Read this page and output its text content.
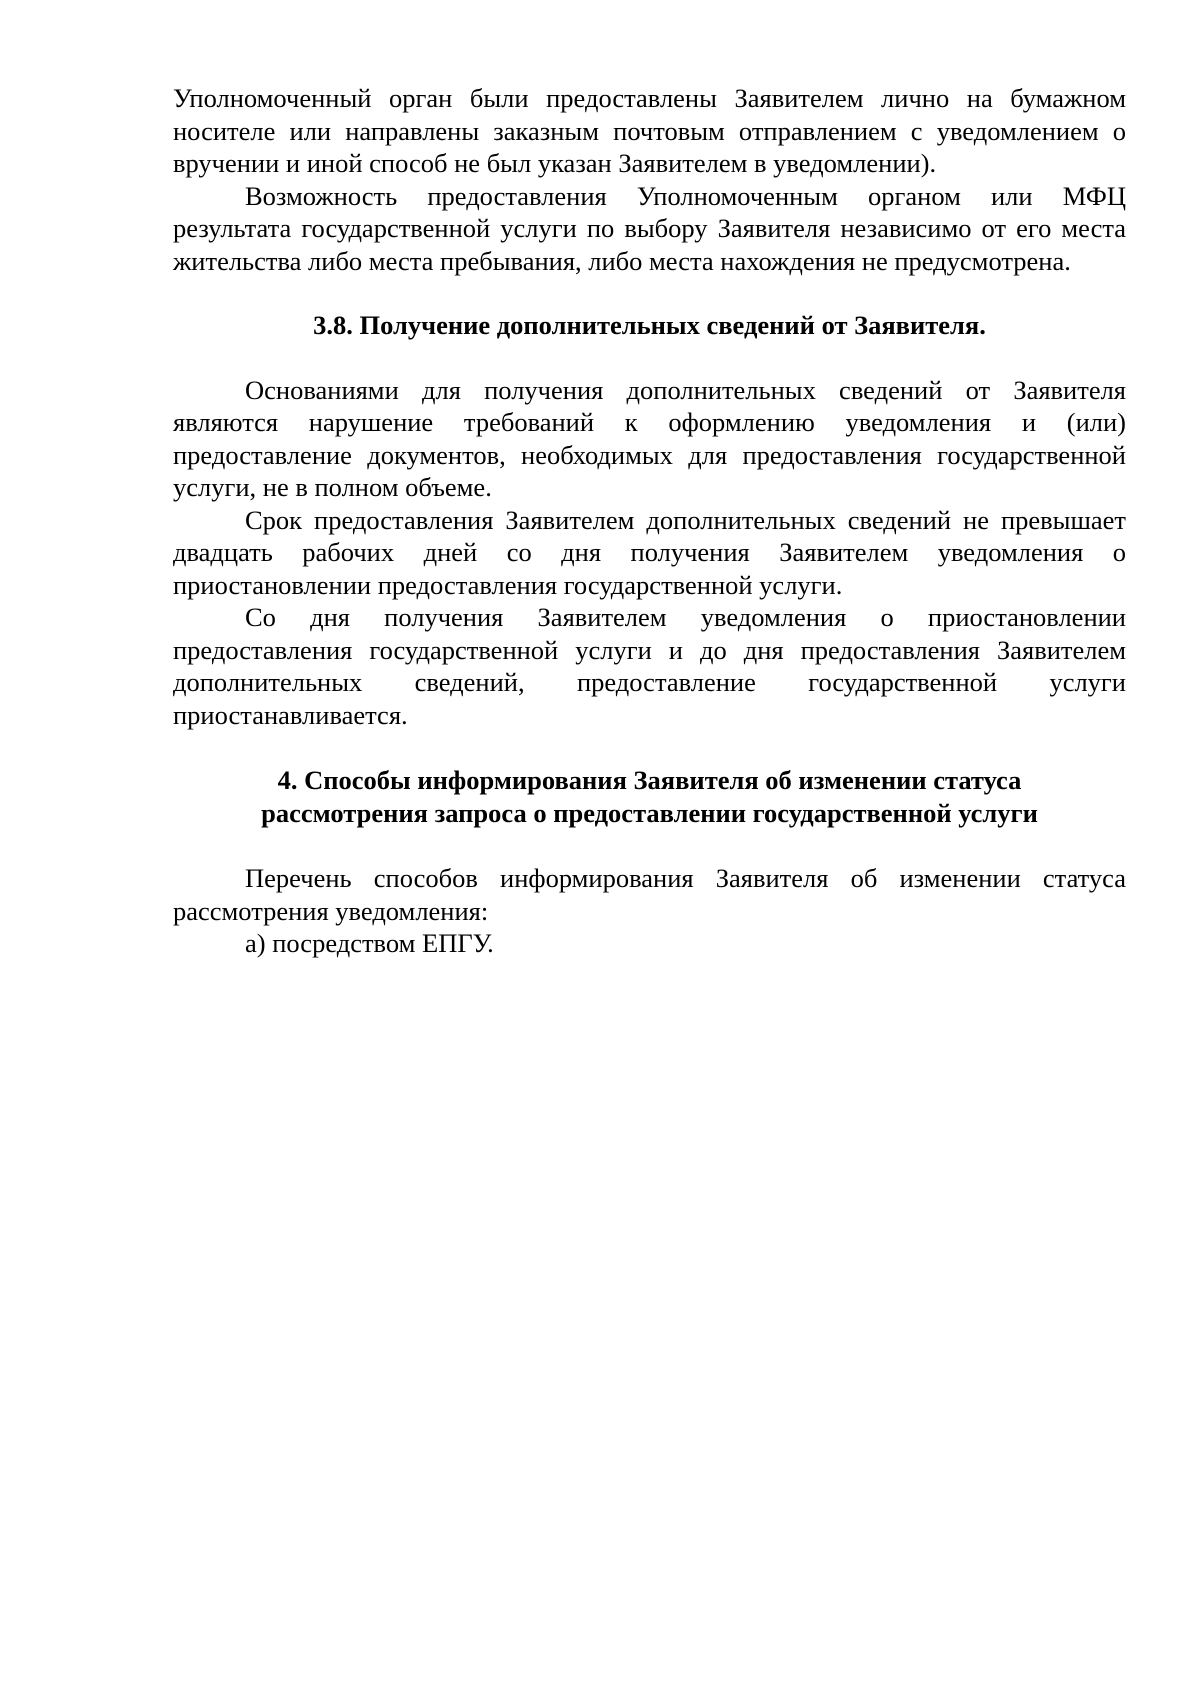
Уполномоченный орган были предоставлены Заявителем лично на бумажном носителе или направлены заказным почтовым отправлением с уведомлением о вручении и иной способ не был указан Заявителем в уведомлении).

Возможность предоставления Уполномоченным органом или МФЦ результата государственной услуги по выбору Заявителя независимо от его места жительства либо места пребывания, либо места нахождения не предусмотрена.

3.8. Получение дополнительных сведений от Заявителя.

Основаниями для получения дополнительных сведений от Заявителя являются нарушение требований к оформлению уведомления и (или) предоставление документов, необходимых для предоставления государственной услуги, не в полном объеме.

Срок предоставления Заявителем дополнительных сведений не превышает двадцать рабочих дней со дня получения Заявителем уведомления о приостановлении предоставления государственной услуги.

Со дня получения Заявителем уведомления о приостановлении предоставления государственной услуги и до дня предоставления Заявителем дополнительных сведений, предоставление государственной услуги приостанавливается.

4. Способы информирования Заявителя об изменении статуса
рассмотрения запроса о предоставлении государственной услуги

Перечень способов информирования Заявителя об изменении статуса рассмотрения уведомления:

а) посредством ЕПГУ.
